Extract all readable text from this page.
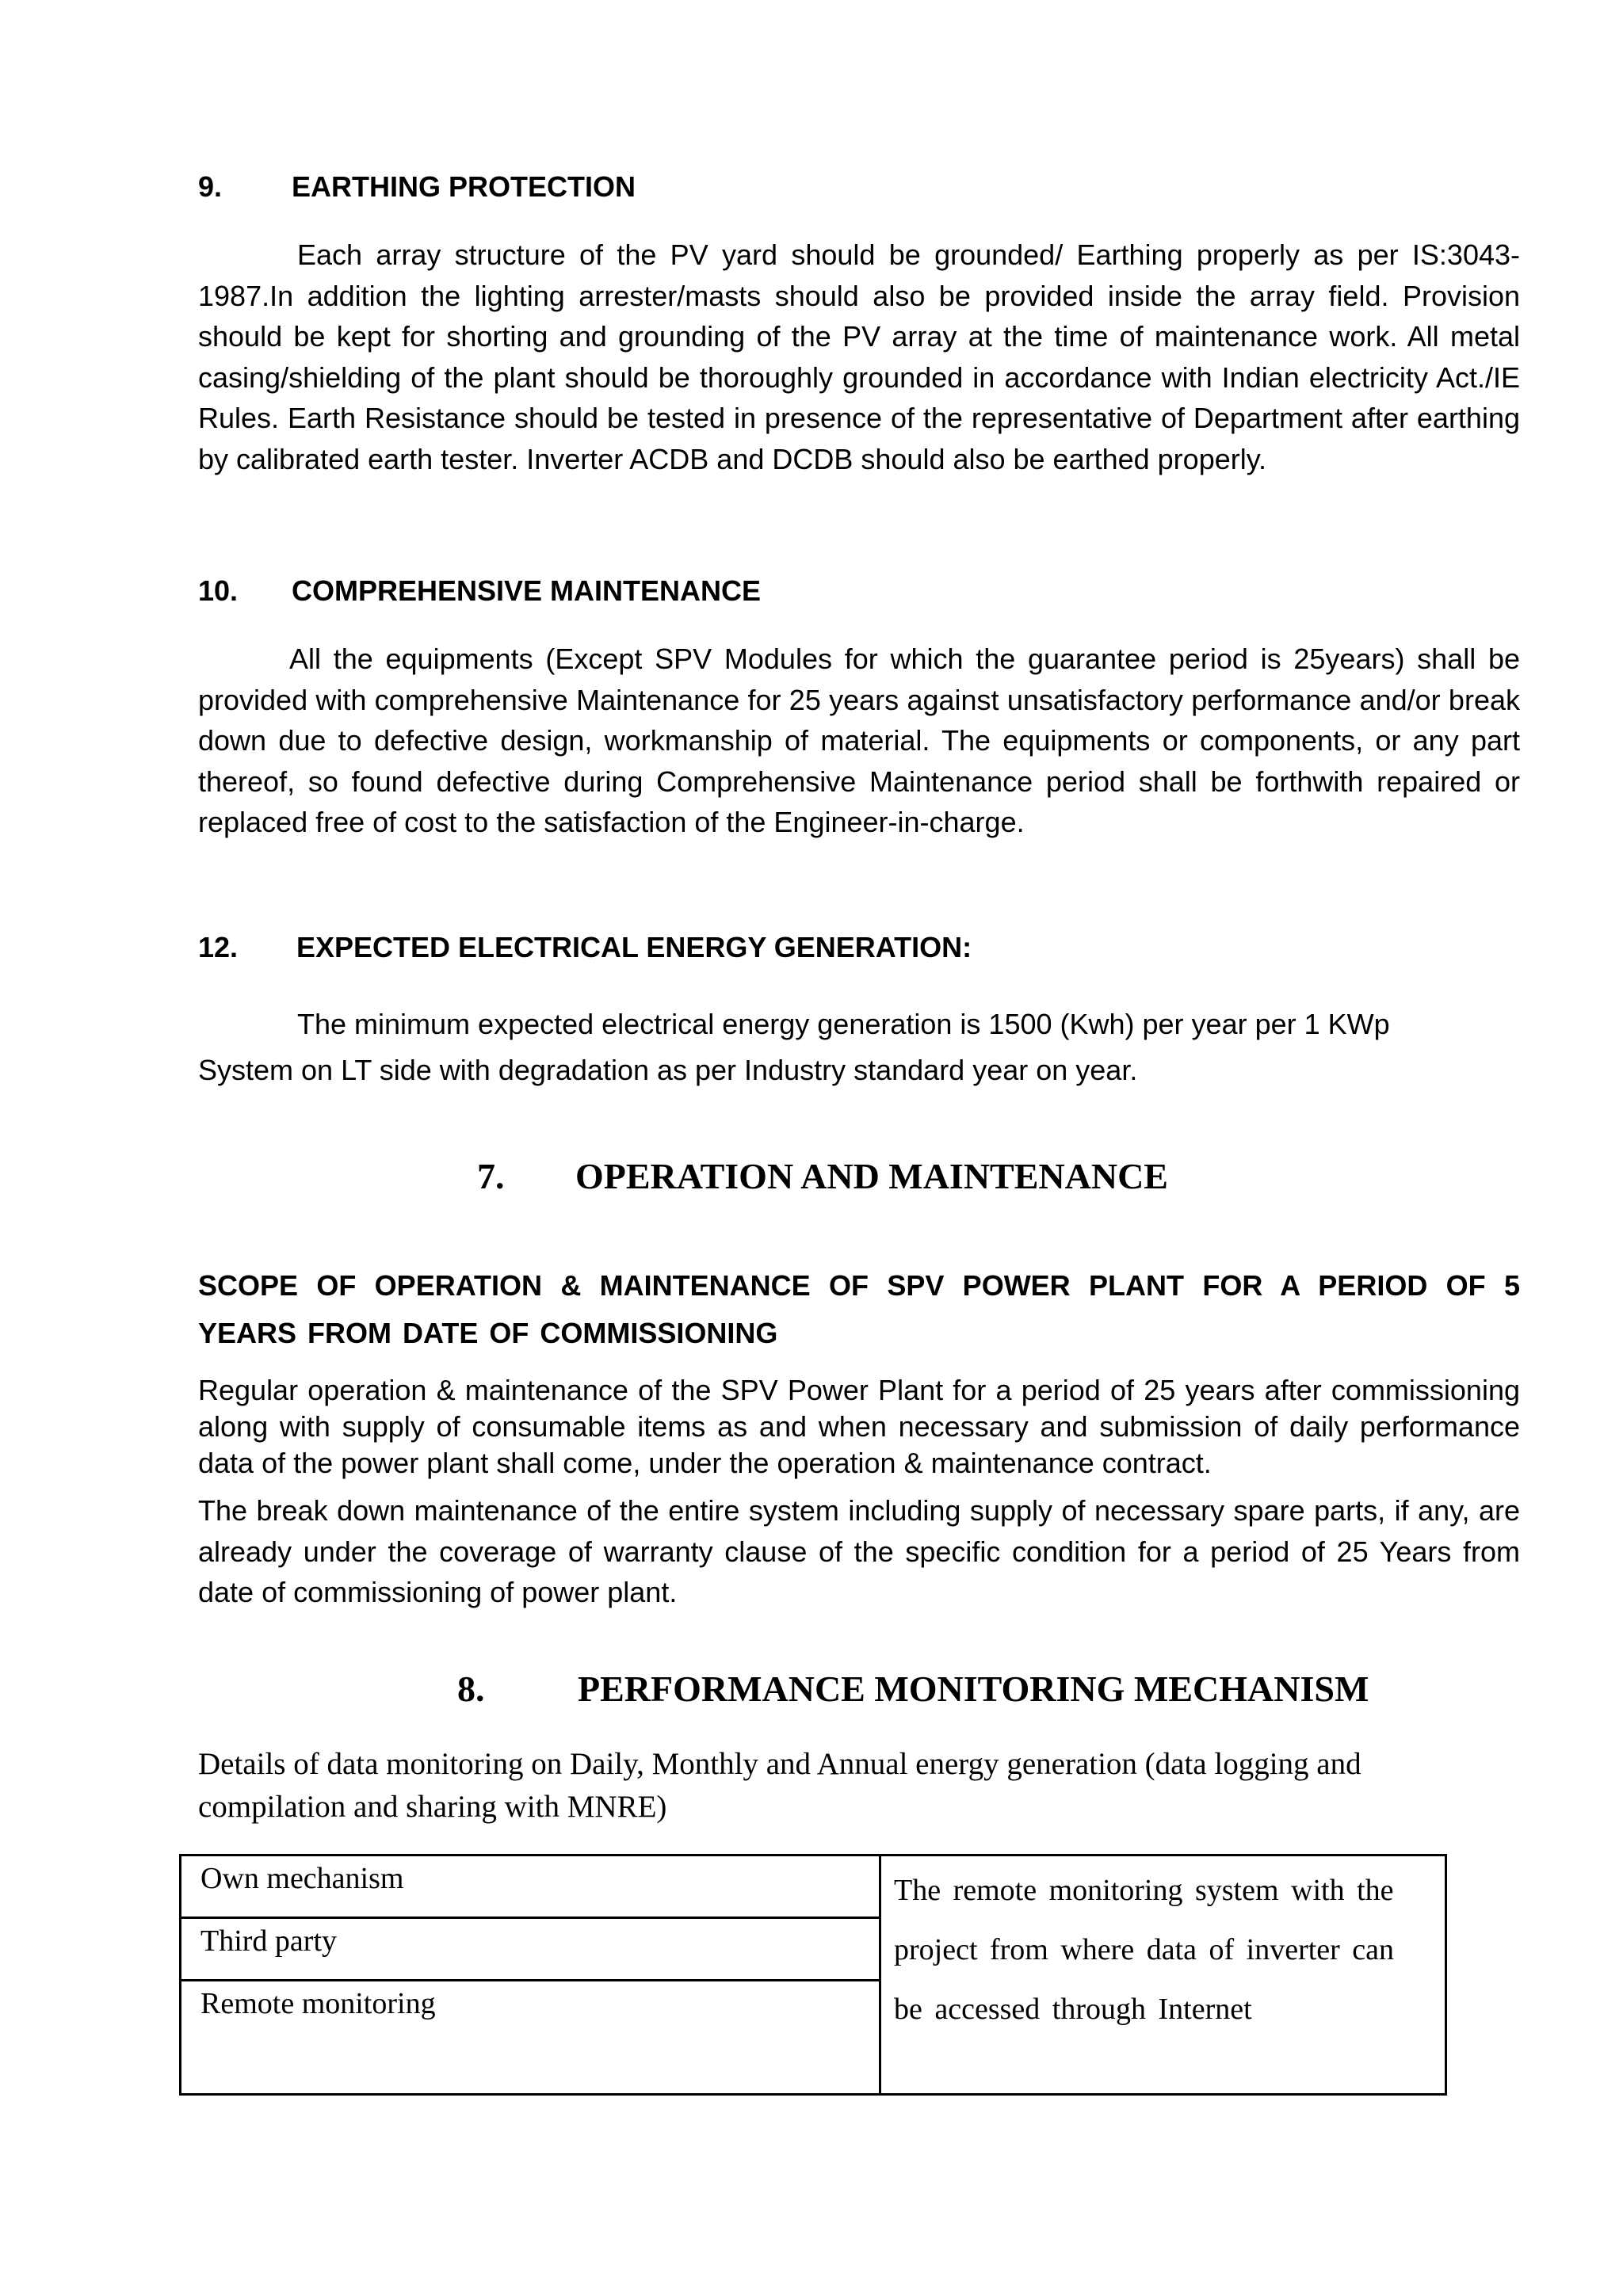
9. EARTHING PROTECTION
Each array structure of the PV yard should be grounded/ Earthing properly as per IS:3043-1987.In addition the lighting arrester/masts should also be provided inside the array field. Provision should be kept for shorting and grounding of the PV array at the time of maintenance work. All metal casing/shielding of the plant should be thoroughly grounded in accordance with Indian electricity Act./IE Rules. Earth Resistance should be tested in presence of the representative of Department after earthing by calibrated earth tester. Inverter ACDB and DCDB should also be earthed properly.
10. COMPREHENSIVE MAINTENANCE
All the equipments (Except SPV Modules for which the guarantee period is 25years) shall be provided with comprehensive Maintenance for 25 years against unsatisfactory performance and/or break down due to defective design, workmanship of material. The equipments or components, or any part thereof, so found defective during Comprehensive Maintenance period shall be forthwith repaired or replaced free of cost to the satisfaction of the Engineer-in-charge.
12. EXPECTED ELECTRICAL ENERGY GENERATION:
The minimum expected electrical energy generation is 1500 (Kwh) per year per 1 KWp
System on LT side with degradation as per Industry standard year on year.
7. OPERATION AND MAINTENANCE
SCOPE OF OPERATION & MAINTENANCE OF SPV POWER PLANT FOR A PERIOD OF 5 YEARS FROM DATE OF COMMISSIONING
Regular operation & maintenance of the SPV Power Plant for a period of 25 years after commissioning along with supply of consumable items as and when necessary and submission of daily performance data of the power plant shall come, under the operation & maintenance contract.
The break down maintenance of the entire system including supply of necessary spare parts, if any, are already under the coverage of warranty clause of the specific condition for a period of 25 Years from date of commissioning of power plant.
8.	PERFORMANCE MONITORING MECHANISM
Details of data monitoring on Daily, Monthly and Annual energy generation (data logging and compilation and sharing with MNRE)
Own mechanism	The remote monitoring system with the project from where data of inverter can be accessed through Internet
Third party
Remote monitoring
